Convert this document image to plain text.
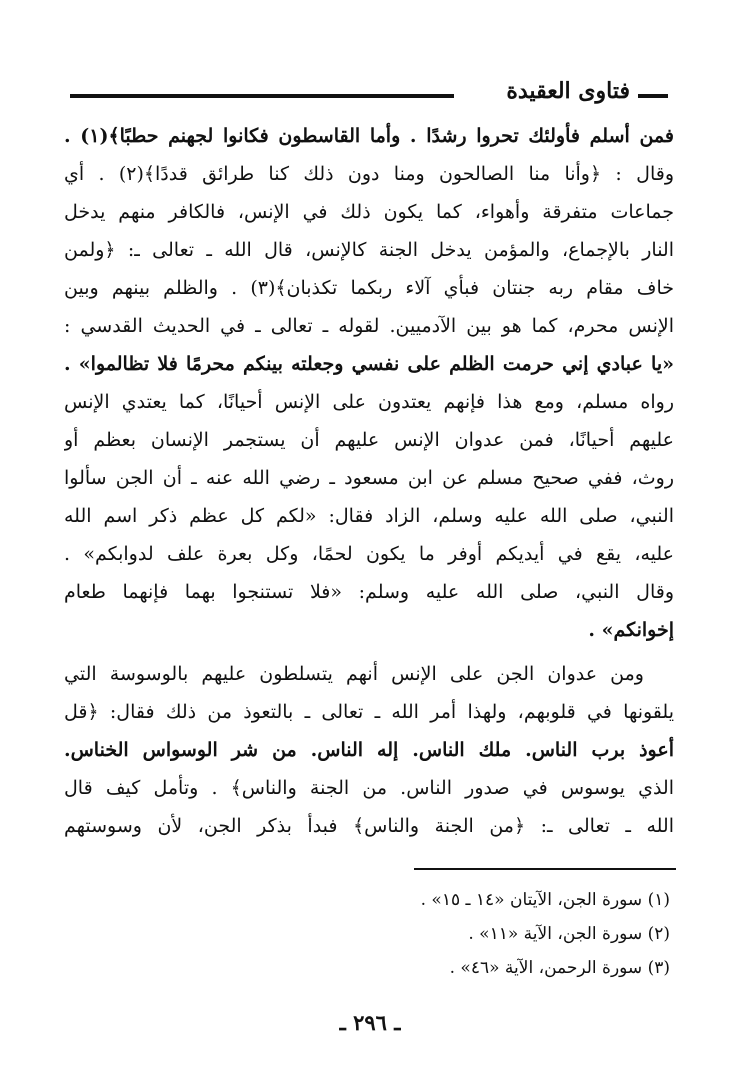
فتاوى العقيدة
فمن أسلم فأولئك تحروا رشدًا . وأما القاسطون فكانوا لجهنم حطبًا﴾(١) .
وقال : ﴿وأنا منا الصالحون ومنا دون ذلك كنا طرائق قددًا﴾(٢) . أي
جماعات متفرقة وأهواء، كما يكون ذلك في الإنس، فالكافر منهم يدخل
النار بالإجماع، والمؤمن يدخل الجنة كالإنس، قال الله ـ تعالى ـ: ﴿ولمن
خاف مقام ربه جنتان فبأي آلاء ربكما تكذبان﴾(٣) . والظلم بينهم وبين
الإنس محرم، كما هو بين الآدميين. لقوله ـ تعالى ـ في الحديث القدسي :
«يا عبادي إني حرمت الظلم على نفسي وجعلته بينكم محرمًا فلا تظالموا» .
رواه مسلم، ومع هذا فإنهم يعتدون على الإنس أحيانًا، كما يعتدي الإنس
عليهم أحيانًا، فمن عدوان الإنس عليهم أن يستجمر الإنسان بعظم أو
روث، ففي صحيح مسلم عن ابن مسعود ـ رضي الله عنه ـ أن الجن سألوا
النبي، صلى الله عليه وسلم، الزاد فقال: «لكم كل عظم ذكر اسم الله
عليه، يقع في أيديكم أوفر ما يكون لحمًا، وكل بعرة علف لدوابكم» .
وقال النبي، صلى الله عليه وسلم: «فلا تستنجوا بهما فإنهما طعام
إخوانكم» .
ومن عدوان الجن على الإنس أنهم يتسلطون عليهم بالوسوسة التي
يلقونها في قلوبهم، ولهذا أمر الله ـ تعالى ـ بالتعوذ من ذلك فقال: ﴿قل
أعوذ برب الناس. ملك الناس. إله الناس. من شر الوسواس الخناس.
الذي يوسوس في صدور الناس. من الجنة والناس﴾ . وتأمل كيف قال
الله ـ تعالى ـ: ﴿من الجنة والناس﴾ فبدأ بذكر الجن، لأن وسوستهم
(١) سورة الجن، الآيتان «١٤ ـ ١٥» .
(٢) سورة الجن، الآية «١١» .
(٣) سورة الرحمن، الآية «٤٦» .
ـ ٢٩٦ ـ
